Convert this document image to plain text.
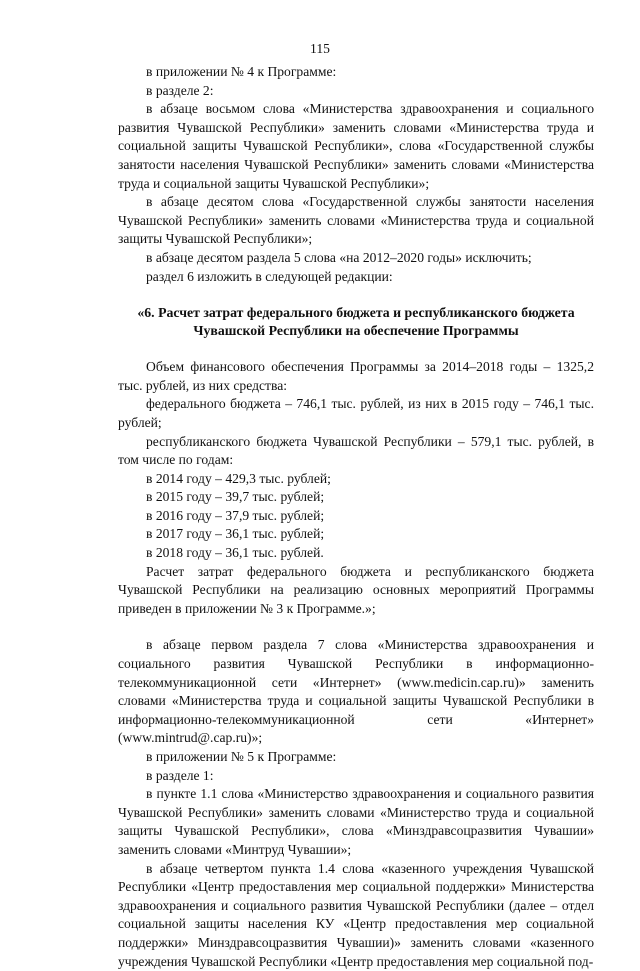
115

в приложении № 4 к Программе:

в разделе 2:

в абзаце восьмом слова «Министерства здравоохранения и социального развития Чувашской Республики» заменить словами «Министерства труда и социальной защиты Чувашской Республики», слова «Государственной службы занятости населения Чувашской Республики» заменить словами «Министерства труда и социальной защиты Чувашской Республики»;

в абзаце десятом слова «Государственной службы занятости населения Чувашской Республики» заменить словами «Министерства труда и социальной защиты Чувашской Республики»;

в абзаце десятом раздела 5 слова «на 2012–2020 годы» исключить;

раздел 6 изложить в следующей редакции:

«6. Расчет затрат федерального бюджета и республиканского бюджета Чувашской Республики на обеспечение Программы

Объем финансового обеспечения Программы за 2014–2018 годы – 1325,2 тыс. рублей, из них средства:

федерального бюджета – 746,1 тыс. рублей, из них в 2015 году – 746,1 тыс. рублей;

республиканского бюджета Чувашской Республики – 579,1 тыс. рублей, в том числе по годам:

в 2014 году – 429,3 тыс. рублей;

в 2015 году – 39,7 тыс. рублей;

в 2016 году – 37,9 тыс. рублей;

в 2017 году – 36,1 тыс. рублей;

в 2018 году – 36,1 тыс. рублей.

Расчет затрат федерального бюджета и республиканского бюджета Чувашской Республики на реализацию основных мероприятий Программы приведен в приложении № 3 к Программе.»;

в абзаце первом раздела 7 слова «Министерства здравоохранения и социального развития Чувашской Республики в информационно-телекоммуникационной сети «Интернет» (www.medicin.cap.ru)» заменить словами «Министерства труда и социальной защиты Чувашской Республики в информационно-телекоммуникационной сети «Интернет» (www.mintrud@.cap.ru)»;

в приложении № 5 к Программе:

в разделе 1:

в пункте 1.1 слова «Министерство здравоохранения и социального развития Чувашской Республики» заменить словами «Министерство труда и социальной защиты Чувашской Республики», слова «Минздравсоцразвития Чувашии» заменить словами «Минтруд Чувашии»;

в абзаце четвертом пункта 1.4 слова «казенного учреждения Чувашской Республики «Центр предоставления мер социальной поддержки» Министерства здравоохранения и социального развития Чувашской Республики (далее – отдел социальной защиты населения КУ «Центр предоставления мер социальной поддержки» Минздравсоцразвития Чувашии)» заменить словами «казенного учреждения Чувашской Республики «Центр предоставления мер социальной под-
